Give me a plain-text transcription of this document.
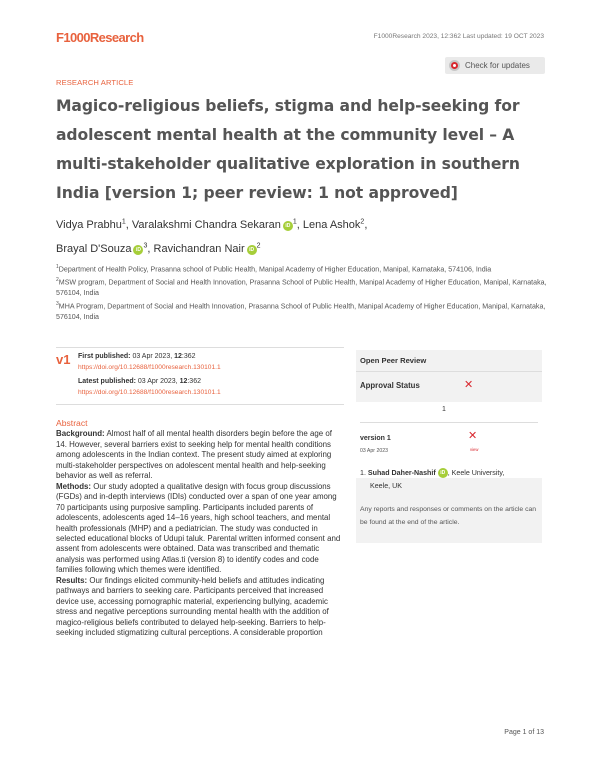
F1000Research	F1000Research 2023, 12:362 Last updated: 19 OCT 2023
Check for updates
RESEARCH ARTICLE
Magico-religious beliefs, stigma and help-seeking for adolescent mental health at the community level – A multi-stakeholder qualitative exploration in southern India [version 1; peer review: 1 not approved]
Vidya Prabhu$^1$, Varalakshmi Chandra Sekaran $iD^1$, Lena Ashok$^2$,
Brayal D'Souza $iD^3$, Ravichandran Nair $iD^2$

$^1$Department of Health Policy, Prasanna school of Public Health, Manipal Academy of Higher Education, Manipal, Karnataka, 574106, India

$^2$MSW program, Department of Social and Health Innovation, Prasanna School of Public Health, Manipal Academy of Higher Education, Manipal, Karnataka, 576104, India

$^3$MHA Program, Department of Social and Health Innovation, Prasanna School of Public Health, Manipal Academy of Higher Education, Manipal, Karnataka, 576104, India

v1 First published: 03 Apr 2023, 12:362
https://doi.org/10.12688/f1000research.130101.1
Latest published: 03 Apr 2023, 12:362
https://doi.org/10.12688/f1000research.130101.1
Abstract

Background: Almost half of all mental health disorders begin before the age of 14. However, several barriers exist to seeking help for mental health conditions among adolescents in the Indian context. The present study aimed at exploring multi-stakeholder perspectives on adolescent mental health and help-seeking behavior as well as referral.

Methods: Our study adopted a qualitative design with focus group discussions (FGDs) and in-depth interviews (IDIs) conducted over a span of one year among 70 participants using purposive sampling. Participants included parents of adolescents, adolescents aged 14–16 years, high school teachers, and mental health professionals (MHP) and a pediatrician. The study was conducted in selected educational blocks of Udupi taluk. Parental written informed consent and assent from adolescents were obtained. Data was transcribed and thematic analysis was performed using Atlas.ti (version 8) to identify codes and code families following which themes were identified.

Results: Our findings elicited community-held beliefs and attitudes indicating pathways and barriers to seeking care. Participants perceived that increased device use, accessing pornographic material, experiencing bullying, academic stress and negative perceptions surrounding mental health with the addition of magico-religious beliefs contributed to delayed help-seeking. Barriers to help-seeking included stigmatizing cultural perceptions. A considerable proportion

Open Peer Review
Approval Status	✕
1
version 1
03 Apr 2023
✕
view
1. Suhad Daher-Nashif iD , Keele University,
Keele, UK
Any reports and responses or comments on the article can be found at the end of the article.
Page 1 of 13
